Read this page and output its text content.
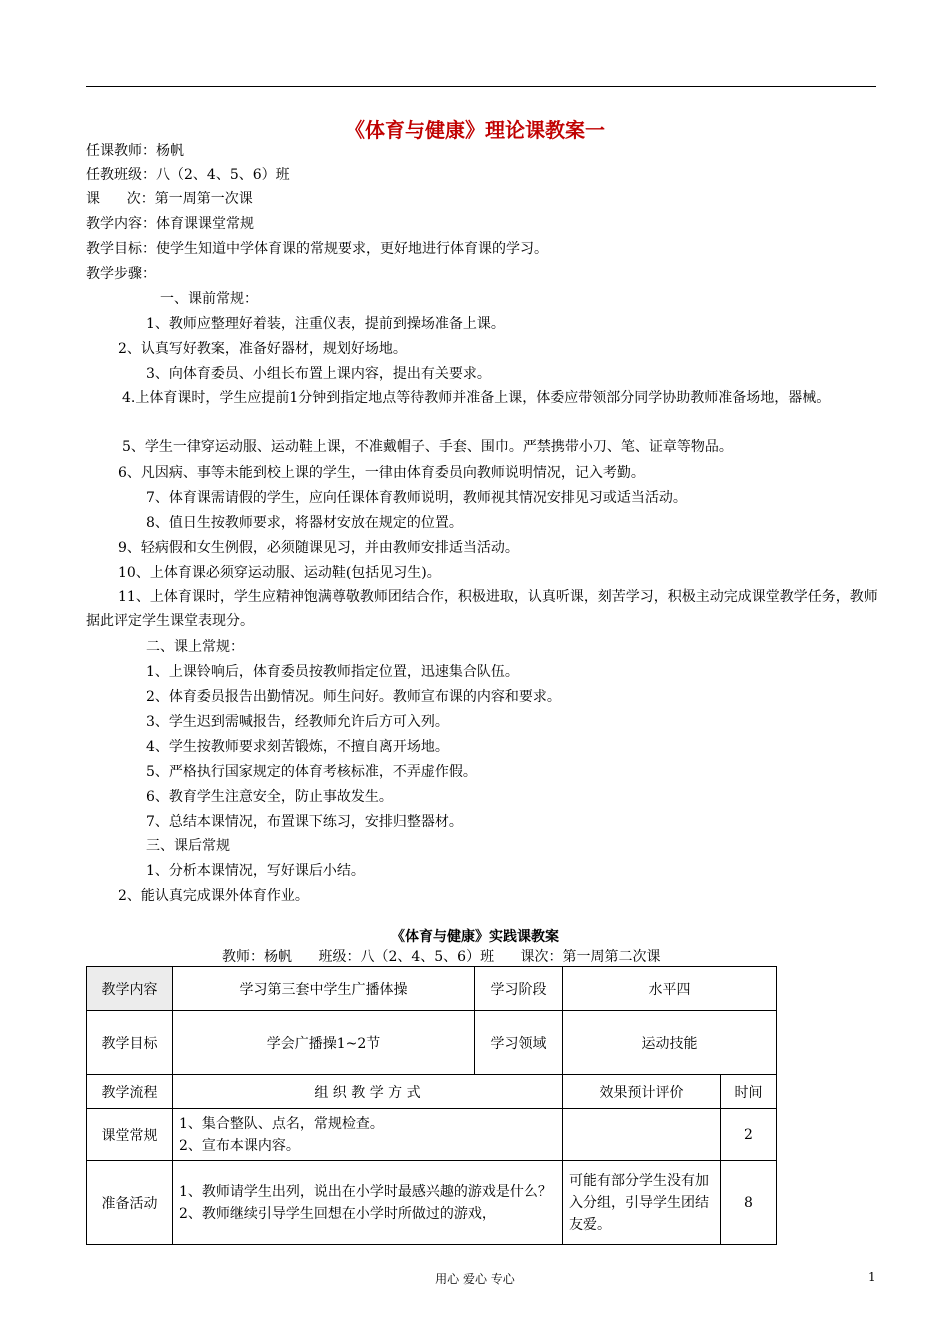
《体育与健康》理论课教案一
任课教师：杨帆
任教班级：八（2、4、5、6）班
课      次：第一周第一次课
教学内容：体育课课堂常规
教学目标：使学生知道中学体育课的常规要求，更好地进行体育课的学习。
教学步骤：
一、课前常规：
1、教师应整理好着装，注重仪表，提前到操场准备上课。
2、认真写好教案，准备好器材，规划好场地。
3、向体育委员、小组长布置上课内容，提出有关要求。
4.上体育课时，学生应提前1分钟到指定地点等待教师并准备上课，体委应带领部分同学协助教师准备场地，器械。
5、学生一律穿运动服、运动鞋上课，不准戴帽子、手套、围巾。严禁携带小刀、笔、证章等物品。
6、凡因病、事等未能到校上课的学生，一律由体育委员向教师说明情况，记入考勤。
7、体育课需请假的学生，应向任课体育教师说明，教师视其情况安排见习或适当活动。
8、值日生按教师要求，将器材安放在规定的位置。
9、轻病假和女生例假，必须随课见习，并由教师安排适当活动。
10、上体育课必须穿运动服、运动鞋(包括见习生)。
11、上体育课时，学生应精神饱满尊敬教师团结合作，积极进取，认真听课，刻苦学习，积极主动完成课堂教学任务，教师据此评定学生课堂表现分。
二、课上常规：
1、上课铃响后，体育委员按教师指定位置，迅速集合队伍。
2、体育委员报告出勤情况。师生问好。教师宣布课的内容和要求。
3、学生迟到需喊报告，经教师允许后方可入列。
4、学生按教师要求刻苦锻炼，不擅自离开场地。
5、严格执行国家规定的体育考核标准，不弄虚作假。
6、教育学生注意安全，防止事故发生。
7、总结本课情况，布置课下练习，安排归整器材。
三、课后常规
1、分析本课情况，写好课后小结。
2、能认真完成课外体育作业。
《体育与健康》实践课教案
教师：杨帆 班级：八（2、4、5、6）班 课次：第一周第二次课
教学内容	学习第三套中学生广播体操	学习阶段	水平四	
教学目标	学会广播操1~2节	学习领域	运动技能	
教学流程	组 织 教 学 方 式		效果预计评价	时间
课堂常规	1、集合整队、点名，常规检查。
2、宣布本课内容。			2
准备活动	1、教师请学生出列，说出在小学时最感兴趣的游戏是什么？
2、教师继续引导学生回想在小学时所做过的游戏，		可能有部分学生没有加入分组，引导学生团结友爱。	8
用心 爱心 专心	1
